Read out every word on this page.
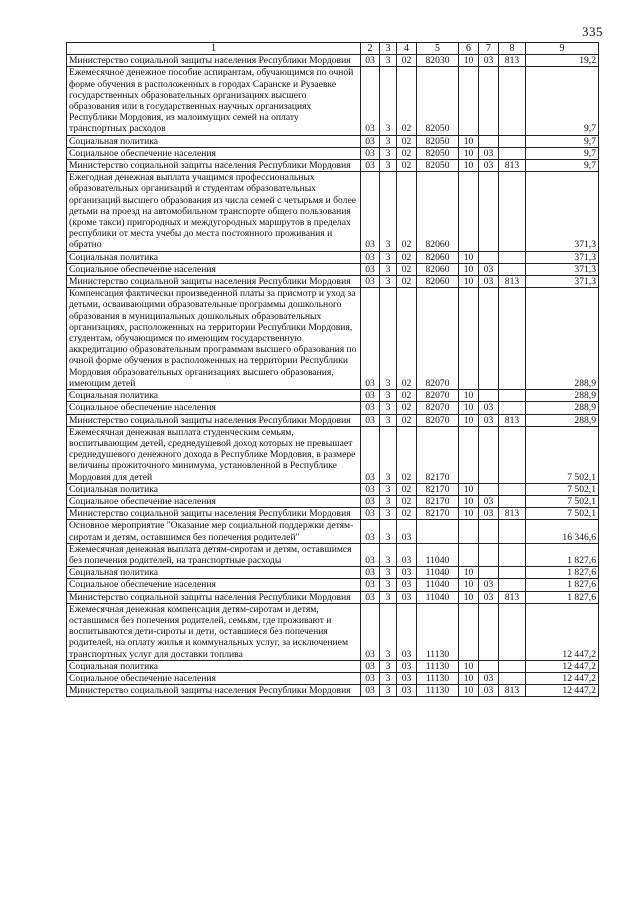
335
1	2	3	4	5	6	7	8	9
Министерство социальной защиты населения Республики Мордовия	03	3	02	82030	10	03	813	19,2
Ежемесячное денежное пособие аспирантам, обучающимся по очной форме обучения в расположенных в городах Саранске и Рузаевке государственных образовательных организациях высшего образования или в государственных научных организациях Республики Мордовия, из малоимущих семей на оплату транспортных расходов	03	3	02	82050				9,7
Социальная политика	03	3	02	82050	10			9,7
Социальное обеспечение населения	03	3	02	82050	10	03		9,7
Министерство социальной защиты населения Республики Мордовия	03	3	02	82050	10	03	813	9,7
Ежегодная денежная выплата учащимся профессиональных образовательных организаций и студентам образовательных организаций высшего образования из числа семей с четырьмя и более детьми на проезд на автомобильном транспорте общего пользования (кроме такси) пригородных и междугородных маршрутов в пределах республики от места учебы до места постоянного проживания и обратно	03	3	02	82060				371,3
Социальная политика	03	3	02	82060	10			371,3
Социальное обеспечение населения	03	3	02	82060	10	03		371,3
Министерство социальной защиты населения Республики Мордовия	03	3	02	82060	10	03	813	371,3
Компенсация фактически произведенной платы за присмотр и уход за детьми, осваивающими образовательные программы дошкольного образования в муниципальных дошкольных образовательных организациях, расположенных на территории Республики Мордовия, студентам, обучающимся по имеющим государственную аккредитацию образовательным программам высшего образования по очной форме обучения в расположенных на территории Республики Мордовия образовательных организациях высшего образования, имеющим детей	03	3	02	82070				288,9
Социальная политика	03	3	02	82070	10			288,9
Социальное обеспечение населения	03	3	02	82070	10	03		288,9
Министерство социальной защиты населения Республики Мордовия	03	3	02	82070	10	03	813	288,9
Ежемесячная денежная выплата студенческим семьям, воспитывающим детей, среднедушевой доход которых не превышает среднедушевого денежного дохода в Республике Мордовия, в размере величины прожиточного минимума, установленной в Республике Мордовия для детей	03	3	02	82170				7 502,1
Социальная политика	03	3	02	82170	10			7 502,1
Социальное обеспечение населения	03	3	02	82170	10	03		7 502,1
Министерство социальной защиты населения Республики Мордовия	03	3	02	82170	10	03	813	7 502,1
Основное мероприятие "Оказание мер социальной поддержки детям-сиротам и детям, оставшимся без попечения родителей"	03	3	03					16 346,6
Ежемесячная денежная выплата детям-сиротам и детям, оставшимся без попечения родителей, на транспортные расходы	03	3	03	11040				1 827,6
Социальная политика	03	3	03	11040	10			1 827,6
Социальное обеспечение населения	03	3	03	11040	10	03		1 827,6
Министерство социальной защиты населения Республики Мордовия	03	3	03	11040	10	03	813	1 827,6
Ежемесячная денежная компенсация детям-сиротам и детям, оставшимся без попечения родителей, семьям, где проживают и воспитываются дети-сироты и дети, оставшиеся без попечения родителей, на оплату жилья и коммунальных услуг, за исключением транспортных услуг для доставки топлива	03	3	03	11130				12 447,2
Социальная политика	03	3	03	11130	10			12 447,2
Социальное обеспечение населения	03	3	03	11130	10	03		12 447,2
Министерство социальной защиты населения Республики Мордовия	03	3	03	11130	10	03	813	12 447,2
